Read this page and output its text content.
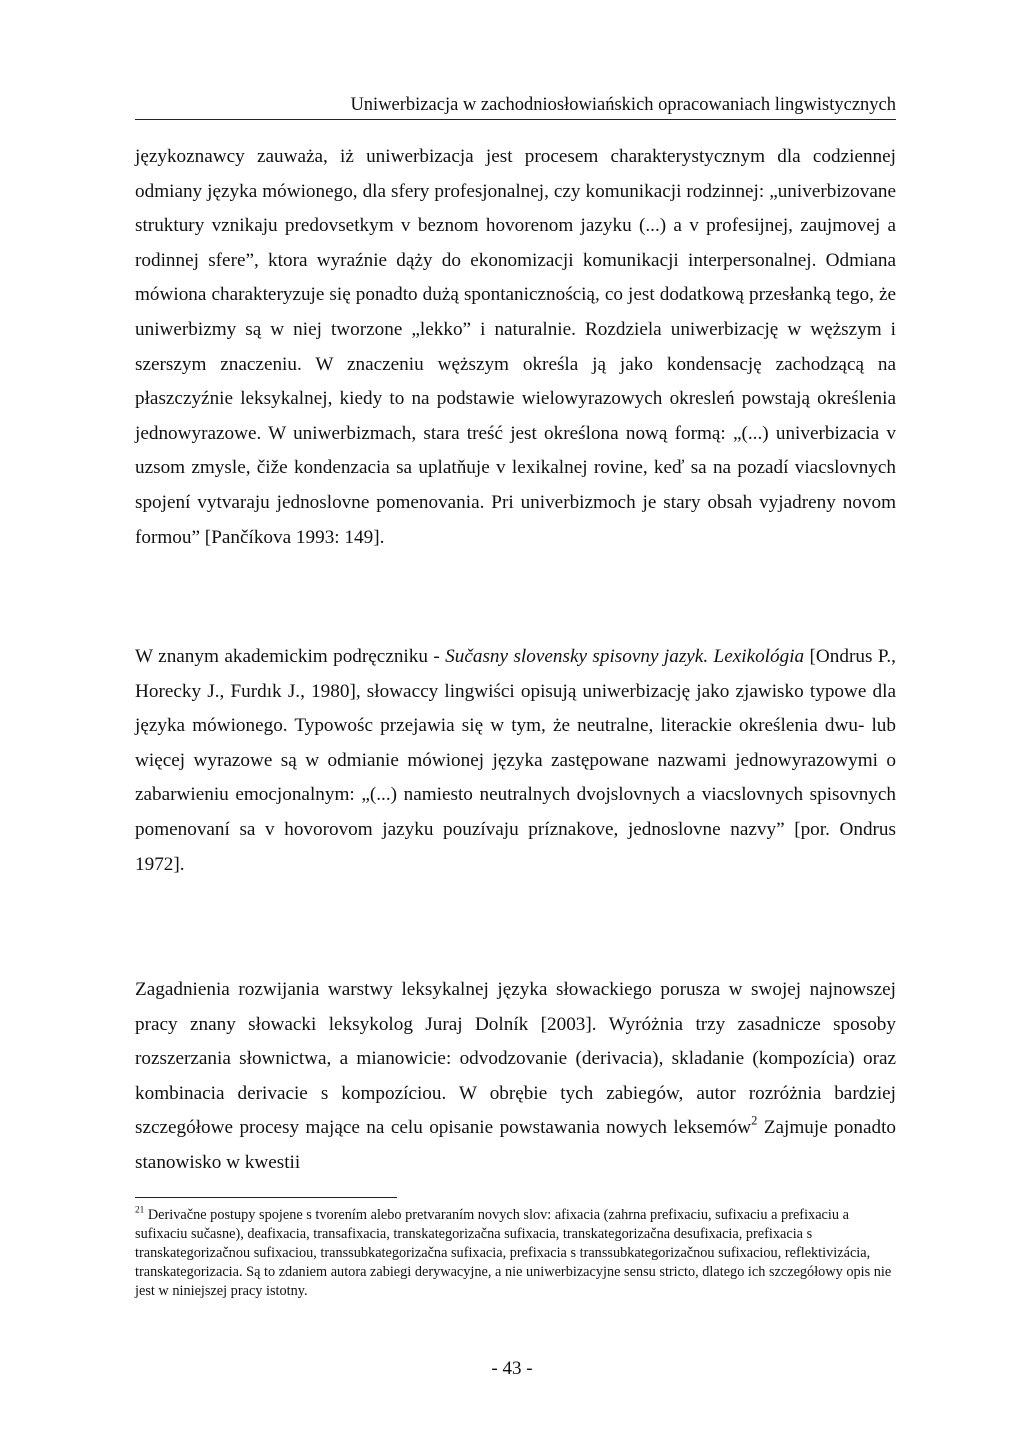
Uniwerbizacja w zachodniosłowiańskich opracowaniach lingwistycznych

językoznawcy zauważa, iż uniwerbizacja jest procesem charakterystycznym dla codziennej odmiany języka mówionego, dla sfery profesjonalnej, czy komunikacji rodzinnej: „univerbizovane struktury vznikaju predovsetkym v beznom hovorenom jazyku (...) a v profesijnej, zaujmovej a rodinnej sfere”, ktora wyraźnie dąży do ekonomizacji komunikacji interpersonalnej. Odmiana mówiona charakteryzuje się ponadto dużą spontanicznością, co jest dodatkową przesłanką tego, że uniwerbizmy są w niej tworzone „lekko” i naturalnie. Rozdziela uniwerbizację w węższym i szerszym znaczeniu. W znaczeniu węższym określa ją jako kondensację zachodzącą na płaszczyźnie leksykalnej, kiedy to na podstawie wielowyrazowych okresleń powstają określenia jednowyrazowe. W uniwerbizmach, stara treść jest określona nową formą: „(...) univerbizacia v uzsom zmysle, čiže kondenzacia sa uplatňuje v lexikalnej rovine, keď sa na pozadí viacslovnych spojení vytvaraju jednoslovne pomenovania. Pri univerbizmoch je stary obsah vyjadreny novom formou” [Pančíkova 1993: 149].

W znanym akademickim podręczniku - Sučasny slovensky spisovny jazyk. Lexikológia [Ondrus P., Horecky J., Furdık J., 1980], słowaccy lingwiści opisują uniwerbizację jako zjawisko typowe dla języka mówionego. Typowośc przejawia się w tym, że neutralne, literackie określenia dwu- lub więcej wyrazowe są w odmianie mówionej języka zastępowane nazwami jednowyrazowymi o zabarwieniu emocjonalnym: „(...) namiesto neutralnych dvojslovnych a viacslovnych spisovnych pomenovaní sa v hovorovom jazyku pouzívaju príznakove, jednoslovne nazvy” [por. Ondrus 1972].

Zagadnienia rozwijania warstwy leksykalnej języka słowackiego porusza w swojej najnowszej pracy znany słowacki leksykolog Juraj Dolník [2003]. Wyróżnia trzy zasadnicze sposoby rozszerzania słownictwa, a mianowicie: odvodzovanie (derivacia), skladanie (kompozícia) oraz kombinacia derivacie s kompozíciou. W obrębie tych zabiegów, autor rozróżnia bardziej szczegółowe procesy mające na celu opisanie powstawania nowych leksemów$^2$ Zajmuje ponadto stanowisko w kwestii

$^{21}$ Derivačne postupy spojene s tvorením alebo pretvaraním novych slov: afixacia (zahrna prefixaciu, sufixaciu a prefixaciu a sufixaciu sučasne), deafixacia, transafixacia, transkategorizačna sufixacia, transkategorizačna desufixacia, prefixacia s transkategorizačnou sufixaciou, transsubkategorizačna sufixacia, prefixacia s transsubkategorizačnou sufixaciou, reflektivizácia, transkategorizacia. Są to zdaniem autora zabiegi derywacyjne, a nie uniwerbizacyjne sensu stricto, dlatego ich szczegółowy opis nie jest w niniejszej pracy istotny.

- 43 -
